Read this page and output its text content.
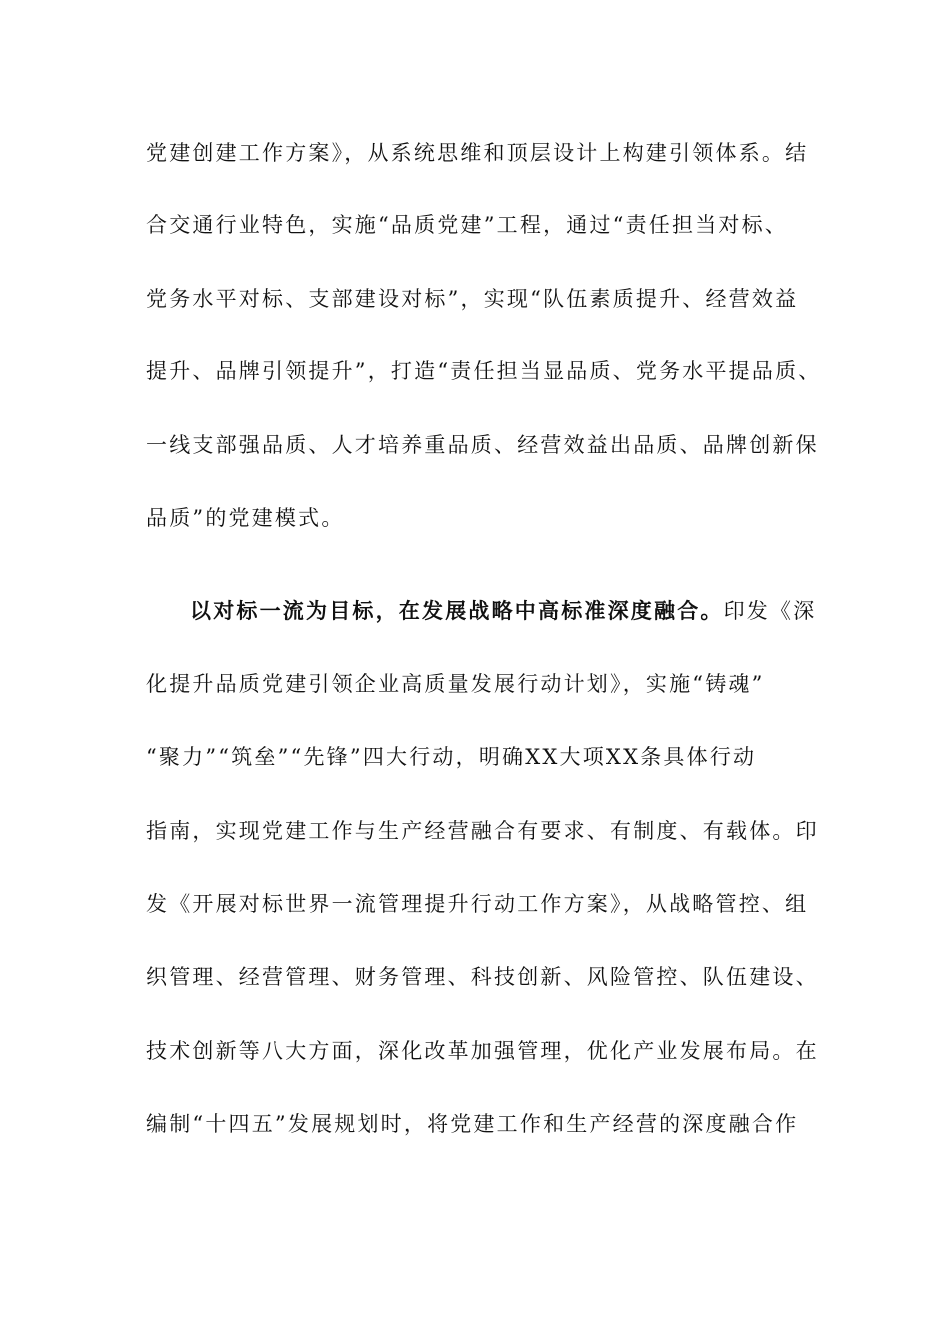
党建创建工作方案》，从系统思维和顶层设计上构建引领体系。结
合交通行业特色，实施“品质党建”工程，通过“责任担当对标、
党务水平对标、支部建设对标”，实现“队伍素质提升、经营效益
提升、品牌引领提升”，打造“责任担当显品质、党务水平提品质、
一线支部强品质、人才培养重品质、经营效益出品质、品牌创新保
品质”的党建模式。
以对标一流为目标，在发展战略中高标准深度融合。印发《深
化提升品质党建引领企业高质量发展行动计划》，实施“铸魂”
“聚力”“筑垒”“先锋”四大行动，明确XX大项XX条具体行动
指南，实现党建工作与生产经营融合有要求、有制度、有载体。印
发《开展对标世界一流管理提升行动工作方案》，从战略管控、组
织管理、经营管理、财务管理、科技创新、风险管控、队伍建设、
技术创新等八大方面，深化改革加强管理，优化产业发展布局。在
编制“十四五”发展规划时，将党建工作和生产经营的深度融合作
